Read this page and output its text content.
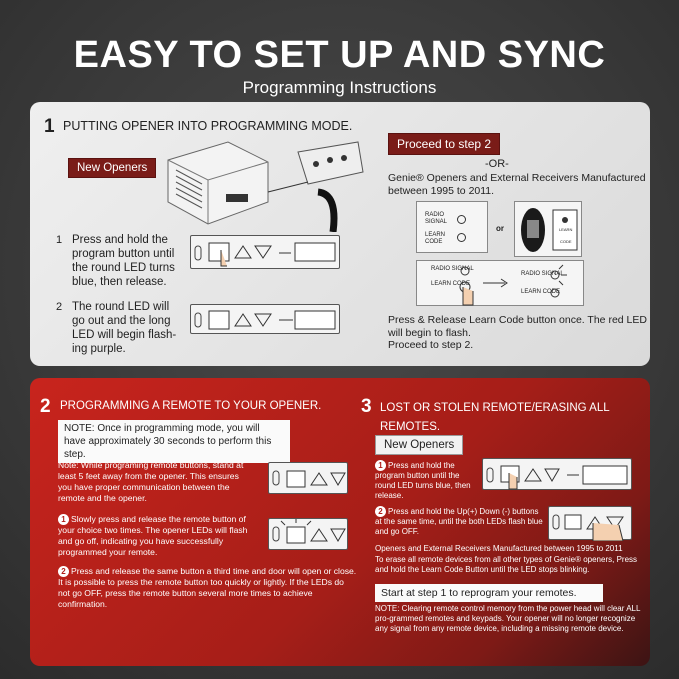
EASY TO SET UP AND SYNC
Programming Instructions
1 PUTTING OPENER INTO PROGRAMMING MODE.
New Openers
1 Press and hold the program button until the round LED turns blue, then release.
2 The round LED will go out and the long LED will begin flash-ing purple.
Proceed to step 2
-OR-
Genie® Openers and External Receivers Manufactured between 1995 to 2011.
RADIO SIGNAL
LEARN CODE
or	LEARN
CODE
RADIO SIGNAL
LEARN CODE
RADIO SIGNAL
LEARN CODE
Press & Release Learn Code button once. The red LED will begin to flash.
Proceed to step 2.
2 PROGRAMMING A REMOTE TO YOUR OPENER.
NOTE: Once in programming mode, you will have approximately 30 seconds to perform this step.
Note: While programing remote buttons, stand at least 5 feet away from the opener. This ensures you have proper communication between the remote and the opener.
1 Slowly press and release the remote button of your choice two times. The opener LEDs will flash and go off, indicating you have successfully programmed your remote.
2 Press and release the same button a third time and door will open or close. It is possible to press the remote button too quickly or lightly. If the LEDs do not go OFF, press the remote button several more times to achieve confirmation.
3 LOST OR STOLEN REMOTE/ERASING ALL REMOTES.
New Openers
1 Press and hold the program button until the round LED turns blue, then release.
2 Press and hold the Up(+) Down (-) buttons at the same time, until the both LEDs flash blue and go OFF.
Openers and External Receivers Manufactured between 1995 to 2011
To erase all remote devices from all other types of Genie® openers, Press and hold the Learn Code Button until the LED stops blinking.
Start at step 1 to reprogram your remotes.
NOTE: Clearing remote control memory from the power head will clear ALL pro-grammed remotes and keypads. Your opener will no longer recognize any signal from any remote device, including a missing remote device.
